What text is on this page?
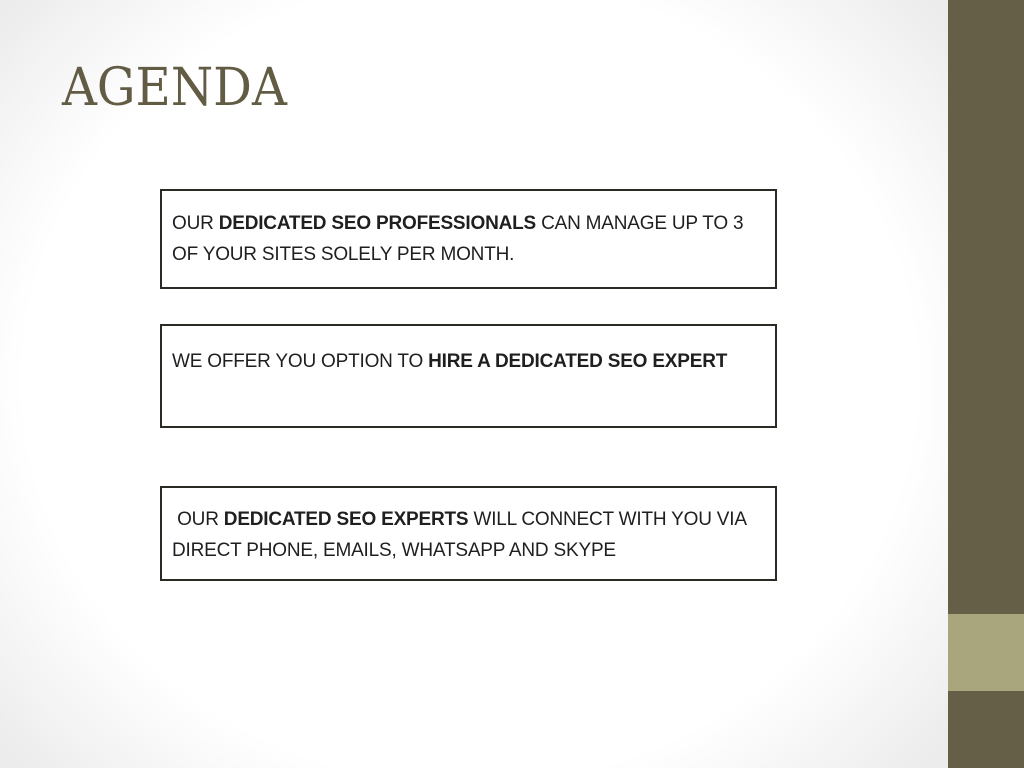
AGENDA
OUR DEDICATED SEO PROFESSIONALS CAN MANAGE UP TO 3 OF YOUR SITES SOLELY PER MONTH.
WE OFFER YOU OPTION TO HIRE A DEDICATED SEO EXPERT
OUR DEDICATED SEO EXPERTS WILL CONNECT WITH YOU VIA DIRECT PHONE, EMAILS, WHATSAPP AND SKYPE
